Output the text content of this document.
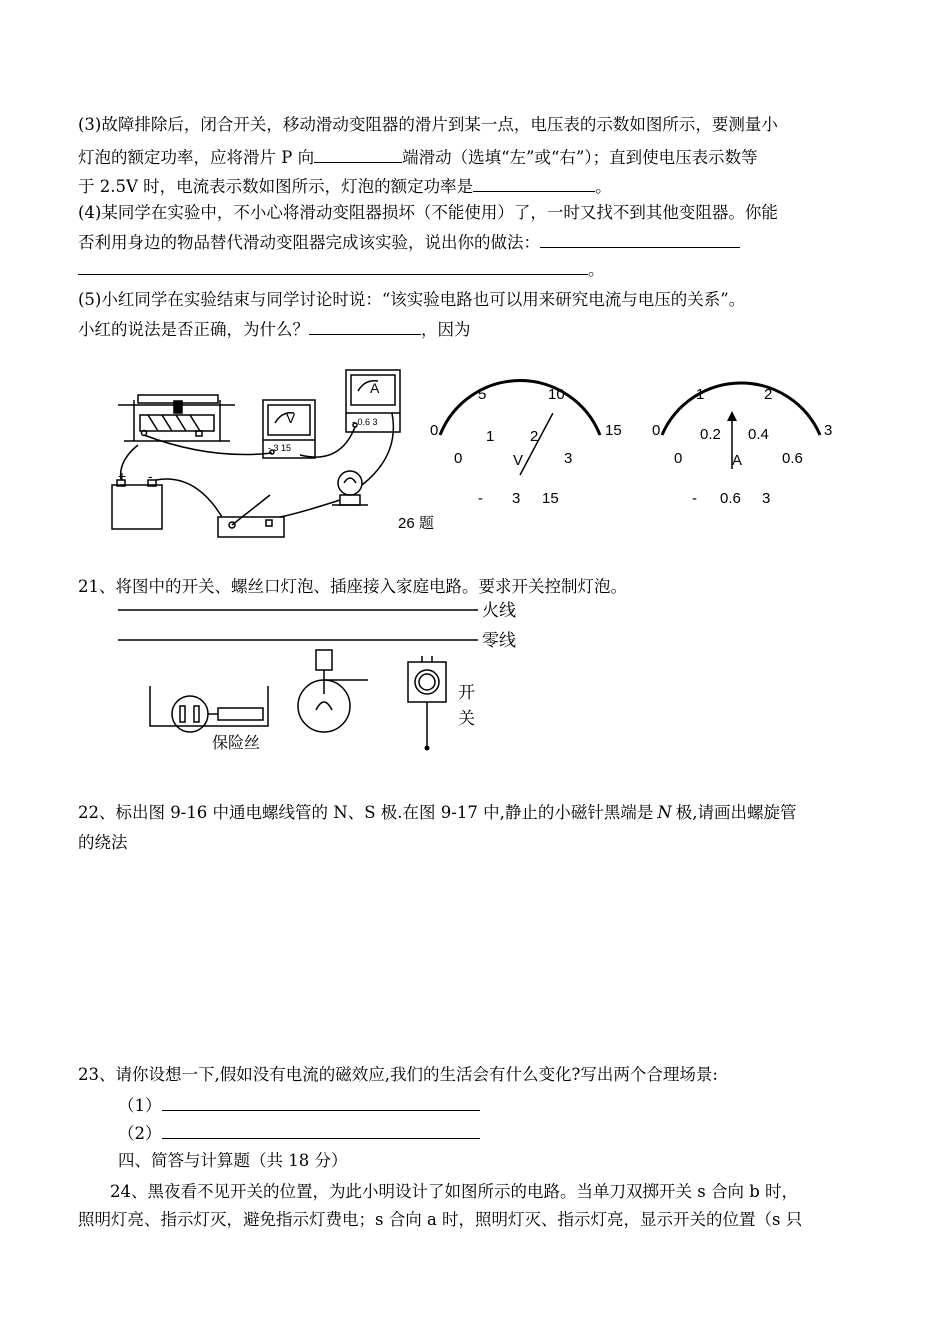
(3)故障排除后，闭合开关，移动滑动变阻器的滑片到某一点，电压表的示数如图所示，要测量小
灯泡的额定功率，应将滑片 P 向	端滑动（选填“左”或“右”）；直到使电压表示数等
于 2.5V 时，电流表示数如图所示，灯泡的额定功率是	。
(4)某同学在实验中，不小心将滑动变阻器损坏（不能使用）了，一时又找不到其他变阻器。你能
否利用身边的物品替代滑动变阻器完成该实验，说出你的做法：
。
(5)小红同学在实验结束与同学讨论时说：“该实验电路也可以用来研究电流与电压的关系”。
小红的说法是否正确，为什么？	，因为
+ -
V
- 3 15
A
- 0.6 3
26 题
0
5	10
15
1 2
0	3
V
- 3 15
0
1	2
3
0.2 0.4
0	0.6
A
- 0.6 3
21、将图中的开关、螺丝口灯泡、插座接入家庭电路。要求开关控制灯泡。
火线
零线
保险丝
开
关
22、标出图 9-16 中通电螺线管的 N、S 极.在图 9-17 中,静止的小磁针黑端是 N 极,请画出螺旋管
的绕法
23、请你设想一下,假如没有电流的磁效应,我们的生活会有什么变化?写出两个合理场景:
（1）
（2）
四、简答与计算题（共 18 分）
24、黑夜看不见开关的位置，为此小明设计了如图所示的电路。当单刀双掷开关 s 合向 b 时，
照明灯亮、指示灯灭，避免指示灯费电；s 合向 a 时，照明灯灭、指示灯亮，显示开关的位置（s 只
